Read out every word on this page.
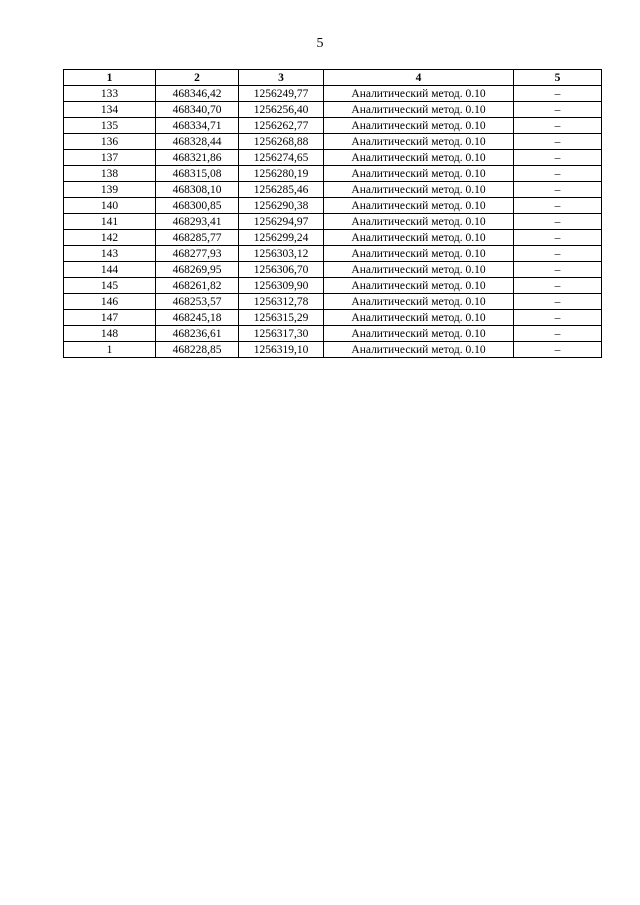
5
1	2	3	4	5
133	468346,42	1256249,77	Аналитический метод. 0.10	–
134	468340,70	1256256,40	Аналитический метод. 0.10	–
135	468334,71	1256262,77	Аналитический метод. 0.10	–
136	468328,44	1256268,88	Аналитический метод. 0.10	–
137	468321,86	1256274,65	Аналитический метод. 0.10	–
138	468315,08	1256280,19	Аналитический метод. 0.10	–
139	468308,10	1256285,46	Аналитический метод. 0.10	–
140	468300,85	1256290,38	Аналитический метод. 0.10	–
141	468293,41	1256294,97	Аналитический метод. 0.10	–
142	468285,77	1256299,24	Аналитический метод. 0.10	–
143	468277,93	1256303,12	Аналитический метод. 0.10	–
144	468269,95	1256306,70	Аналитический метод. 0.10	–
145	468261,82	1256309,90	Аналитический метод. 0.10	–
146	468253,57	1256312,78	Аналитический метод. 0.10	–
147	468245,18	1256315,29	Аналитический метод. 0.10	–
148	468236,61	1256317,30	Аналитический метод. 0.10	–
1	468228,85	1256319,10	Аналитический метод. 0.10	–
